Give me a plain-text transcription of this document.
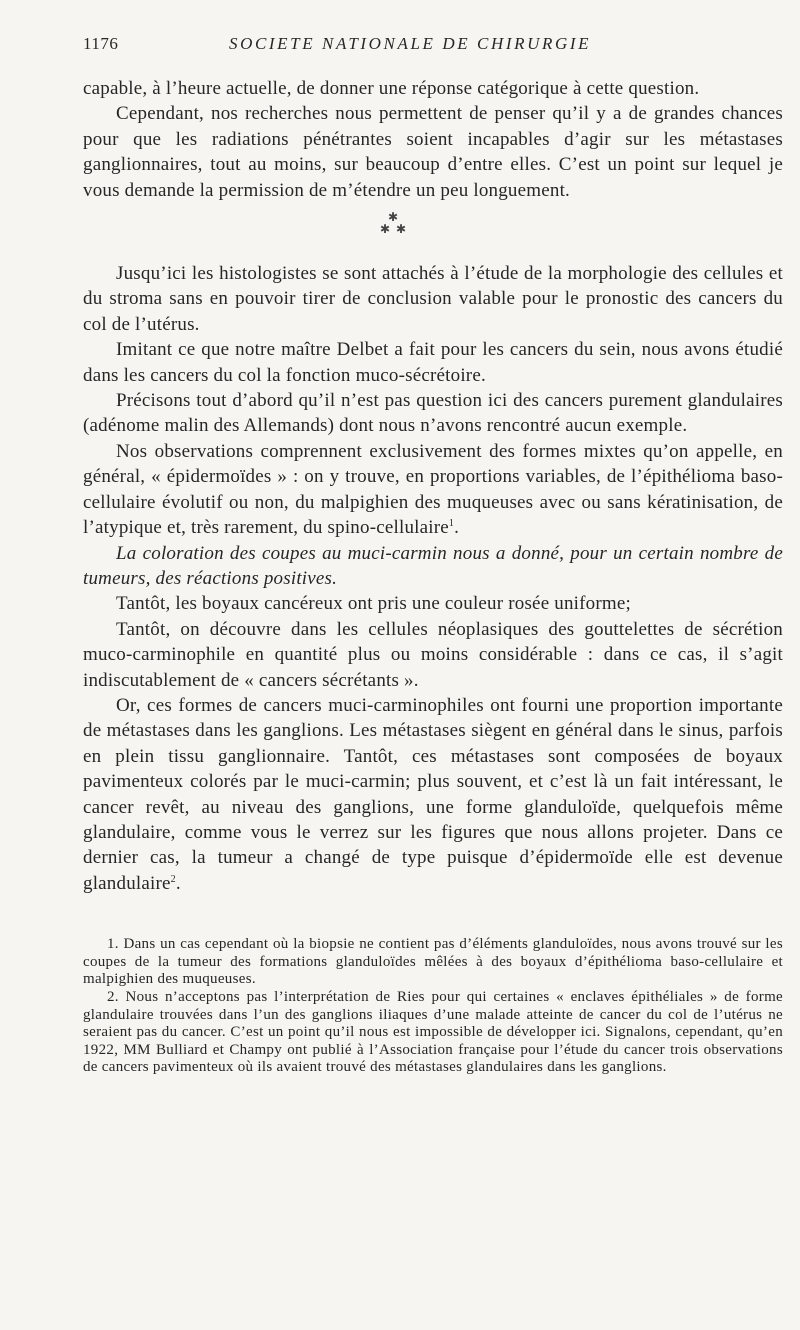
1176	SOCIETE NATIONALE DE CHIRURGIE

capable, à l’heure actuelle, de donner une réponse catégorique à cette question.

Cependant, nos recherches nous permettent de penser qu’il y a de grandes chances pour que les radiations pénétrantes soient incapables d’agir sur les métastases ganglionnaires, tout au moins, sur beaucoup d’entre elles. C’est un point sur lequel je vous demande la permission de m’étendre un peu longuement.

✱
✱ ✱

Jusqu’ici les histologistes se sont attachés à l’étude de la morphologie des cellules et du stroma sans en pouvoir tirer de conclusion valable pour le pronostic des cancers du col de l’utérus.

Imitant ce que notre maître Delbet a fait pour les cancers du sein, nous avons étudié dans les cancers du col la fonction muco-sécrétoire.

Précisons tout d’abord qu’il n’est pas question ici des cancers purement glandulaires (adénome malin des Allemands) dont nous n’avons rencontré aucun exemple.

Nos observations comprennent exclusivement des formes mixtes qu’on appelle, en général, « épidermoïdes » : on y trouve, en proportions variables, de l’épithélioma baso-cellulaire évolutif ou non, du malpighien des muqueuses avec ou sans kératinisation, de l’atypique et, très rarement, du spino-cellulaire$^1$.

La coloration des coupes au muci-carmin nous a donné, pour un certain nombre de tumeurs, des réactions positives.

Tantôt, les boyaux cancéreux ont pris une couleur rosée uniforme;

Tantôt, on découvre dans les cellules néoplasiques des gouttelettes de sécrétion muco-carminophile en quantité plus ou moins considérable : dans ce cas, il s’agit indiscutablement de « cancers sécrétants ».

Or, ces formes de cancers muci-carminophiles ont fourni une proportion importante de métastases dans les ganglions. Les métastases siègent en général dans le sinus, parfois en plein tissu ganglionnaire. Tantôt, ces métastases sont composées de boyaux pavimenteux colorés par le muci-carmin; plus souvent, et c’est là un fait intéressant, le cancer revêt, au niveau des ganglions, une forme glanduloïde, quelquefois même glandulaire, comme vous le verrez sur les figures que nous allons projeter. Dans ce dernier cas, la tumeur a changé de type puisque d’épidermoïde elle est devenue glandulaire$^2$.

1. Dans un cas cependant où la biopsie ne contient pas d’éléments glanduloïdes, nous avons trouvé sur les coupes de la tumeur des formations glanduloïdes mêlées à des boyaux d’épithélioma baso-cellulaire et malpighien des muqueuses.

2. Nous n’acceptons pas l’interprétation de Ries pour qui certaines « enclaves épithéliales » de forme glandulaire trouvées dans l’un des ganglions iliaques d’une malade atteinte de cancer du col de l’utérus ne seraient pas du cancer. C’est un point qu’il nous est impossible de développer ici. Signalons, cependant, qu’en 1922, MM Bulliard et Champy ont publié à l’Association française pour l’étude du cancer trois observations de cancers pavimenteux où ils avaient trouvé des métastases glandulaires dans les ganglions.
